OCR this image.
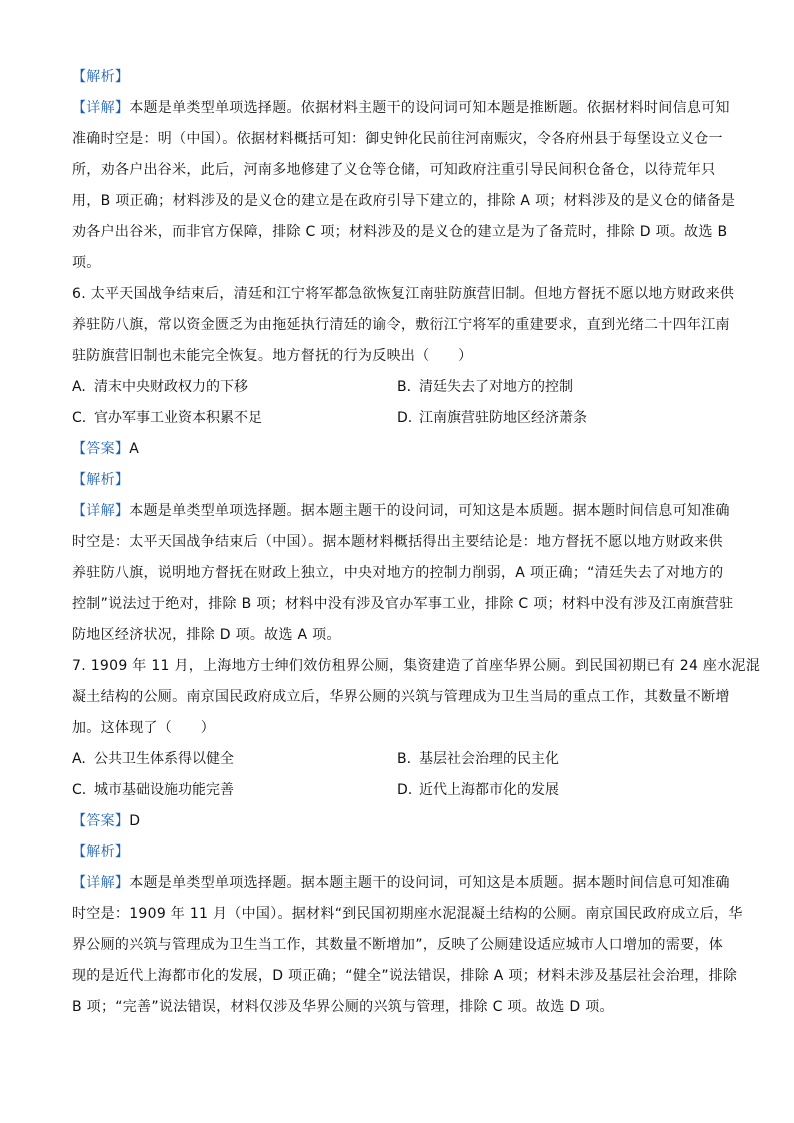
【解析】
【详解】本题是单类型单项选择题。依据材料主题干的设问词可知本题是推断题。依据材料时间信息可知
准确时空是：明（中国）。依据材料概括可知：御史钟化民前往河南赈灾，令各府州县于每堡设立义仓一
所，劝各户出谷米，此后，河南多地修建了义仓等仓储，可知政府注重引导民间积仓备仓，以待荒年只
用，B 项正确；材料涉及的是义仓的建立是在政府引导下建立的，排除 A 项；材料涉及的是义仓的储备是
劝各户出谷米，而非官方保障，排除 C 项；材料涉及的是义仓的建立是为了备荒时，排除 D 项。故选 B
项。
6. 太平天国战争结束后，清廷和江宁将军都急欲恢复江南驻防旗营旧制。但地方督抚不愿以地方财政来供
养驻防八旗，常以资金匮乏为由拖延执行清廷的谕令，敷衍江宁将军的重建要求，直到光绪二十四年江南
驻防旗营旧制也未能完全恢复。地方督抚的行为反映出（　　）
A. 清末中央财政权力的下移	B. 清廷失去了对地方的控制
C. 官办军事工业资本积累不足	D. 江南旗营驻防地区经济萧条
【答案】A
【解析】
【详解】本题是单类型单项选择题。据本题主题干的设问词，可知这是本质题。据本题时间信息可知准确
时空是：太平天国战争结束后（中国）。据本题材料概括得出主要结论是：地方督抚不愿以地方财政来供
养驻防八旗，说明地方督抚在财政上独立，中央对地方的控制力削弱，A 项正确；“清廷失去了对地方的
控制”说法过于绝对，排除 B 项；材料中没有涉及官办军事工业，排除 C 项；材料中没有涉及江南旗营驻
防地区经济状况，排除 D 项。故选 A 项。
7. 1909 年 11 月，上海地方士绅们效仿租界公厕，集资建造了首座华界公厕。到民国初期已有 24 座水泥混
凝土结构的公厕。南京国民政府成立后，华界公厕的兴筑与管理成为卫生当局的重点工作，其数量不断增
加。这体现了（　　）
A. 公共卫生体系得以健全	B. 基层社会治理的民主化
C. 城市基础设施功能完善	D. 近代上海都市化的发展
【答案】D
【解析】
【详解】本题是单类型单项选择题。据本题主题干的设问词，可知这是本质题。据本题时间信息可知准确
时空是：1909 年 11 月（中国）。据材料“到民国初期座水泥混凝土结构的公厕。南京国民政府成立后，华
界公厕的兴筑与管理成为卫生当工作，其数量不断增加”，反映了公厕建设适应城市人口增加的需要，体
现的是近代上海都市化的发展，D 项正确；“健全”说法错误，排除 A 项；材料未涉及基层社会治理，排除
B 项；“完善”说法错误，材料仅涉及华界公厕的兴筑与管理，排除 C 项。故选 D 项。
